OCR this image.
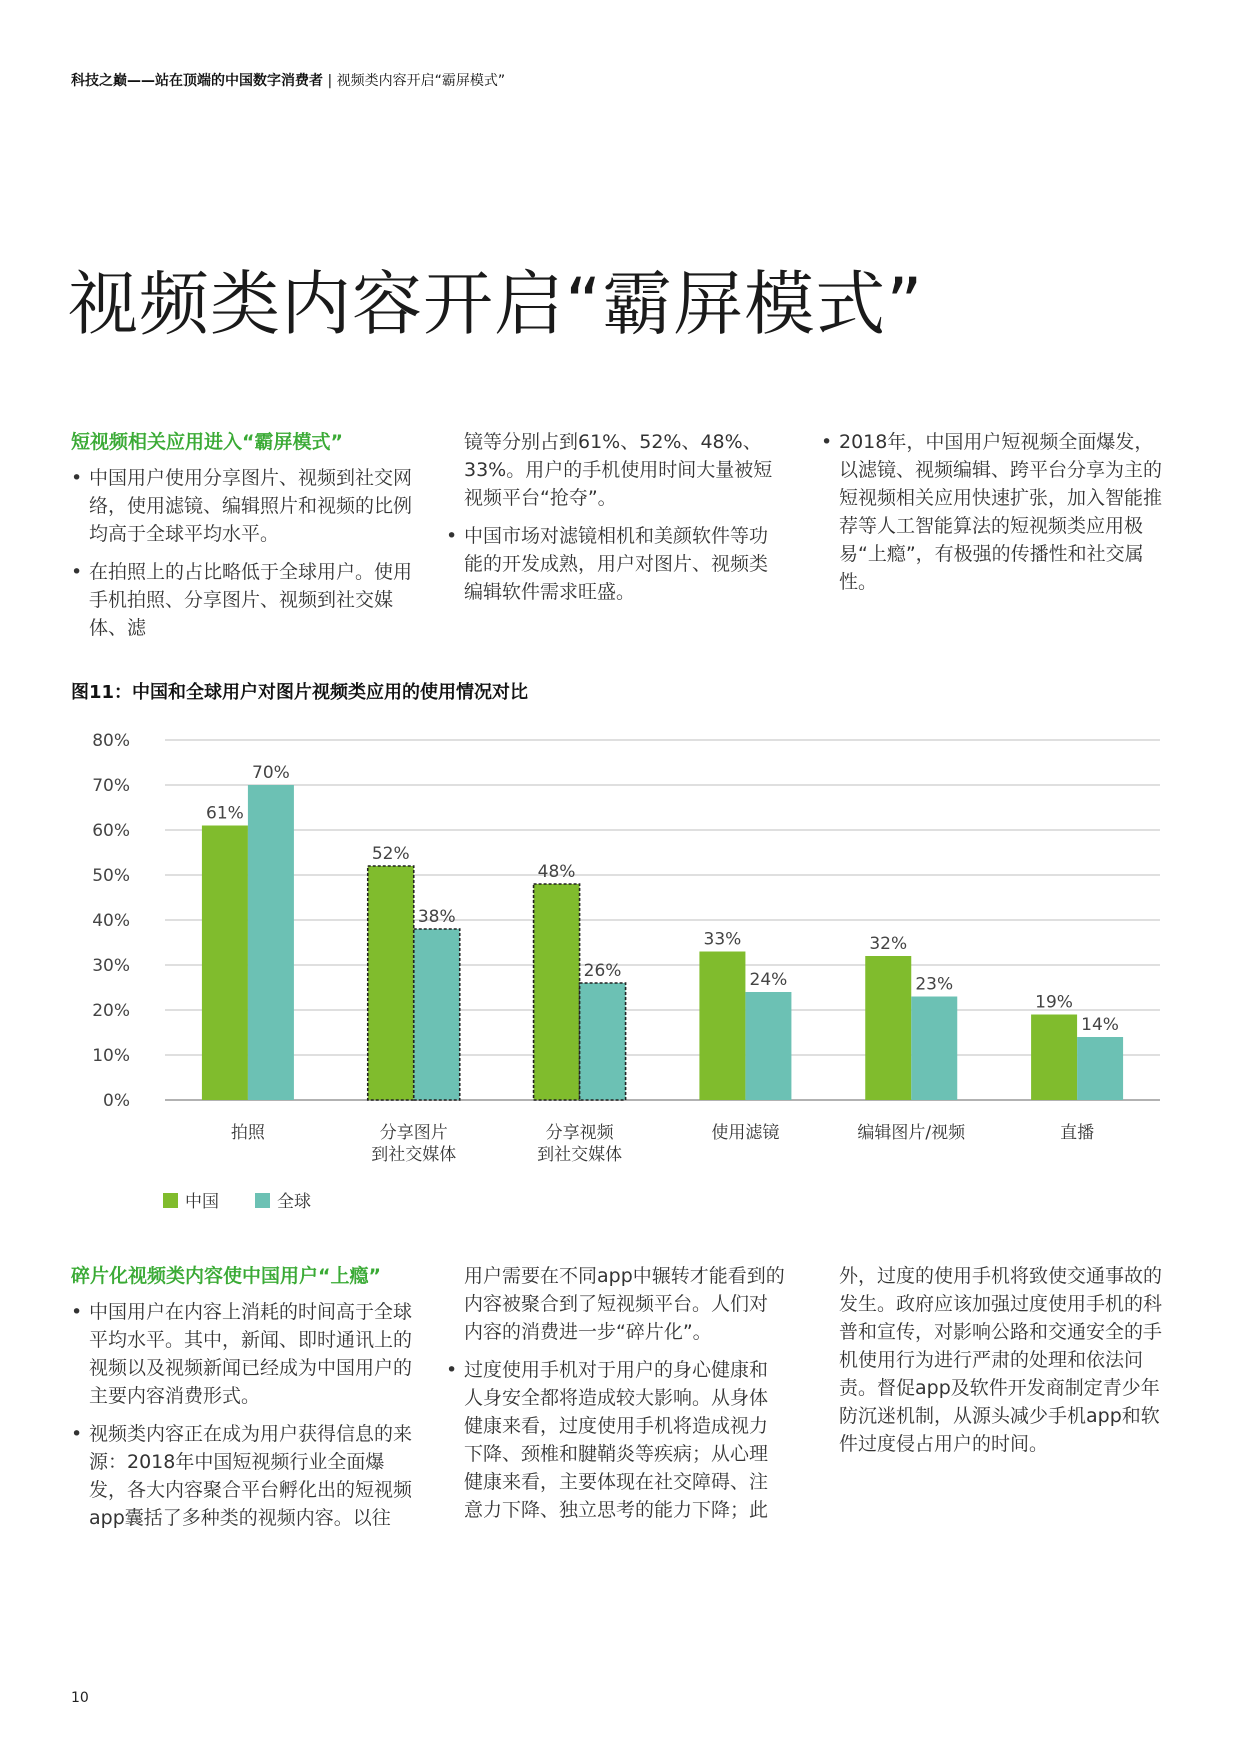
科技之巅——站在顶端的中国数字消费者 | 视频类内容开启“霸屏模式”
视频类内容开启“霸屏模式”
短视频相关应用进入“霸屏模式”
• 中国用户使用分享图片、视频到社交网络，使用滤镜、编辑照片和视频的比例均高于全球平均水平。
• 在拍照上的占比略低于全球用户。使用手机拍照、分享图片、视频到社交媒体、滤
镜等分别占到61%、52%、48%、33%。用户的手机使用时间大量被短视频平台“抢夺”。
• 中国市场对滤镜相机和美颜软件等功能的开发成熟，用户对图片、视频类编辑软件需求旺盛。
• 2018年，中国用户短视频全面爆发，以滤镜、视频编辑、跨平台分享为主的短视频相关应用快速扩张，加入智能推荐等人工智能算法的短视频类应用极易“上瘾”，有极强的传播性和社交属性。
图11：中国和全球用户对图片视频类应用的使用情况对比
0%
10%
20%
30%
40%
50%
60%
70%
80%
61%
70%
拍照
52%
38%
分享图片
到社交媒体
48%
26%
分享视频
到社交媒体
33%
24%
使用滤镜
32%
23%
编辑图片/视频
19%
14%
直播
中国	全球
碎片化视频类内容使中国用户“上瘾”
• 中国用户在内容上消耗的时间高于全球平均水平。其中，新闻、即时通讯上的视频以及视频新闻已经成为中国用户的主要内容消费形式。
• 视频类内容正在成为用户获得信息的来源：2018年中国短视频行业全面爆发，各大内容聚合平台孵化出的短视频app囊括了多种类的视频内容。以往
用户需要在不同app中辗转才能看到的内容被聚合到了短视频平台。人们对内容的消费进一步“碎片化”。
• 过度使用手机对于用户的身心健康和人身安全都将造成较大影响。从身体健康来看，过度使用手机将造成视力下降、颈椎和腱鞘炎等疾病；从心理健康来看，主要体现在社交障碍、注意力下降、独立思考的能力下降；此
外，过度的使用手机将致使交通事故的发生。政府应该加强过度使用手机的科普和宣传，对影响公路和交通安全的手机使用行为进行严肃的处理和依法问责。督促app及软件开发商制定青少年防沉迷机制，从源头减少手机app和软件过度侵占用户的时间。
10
